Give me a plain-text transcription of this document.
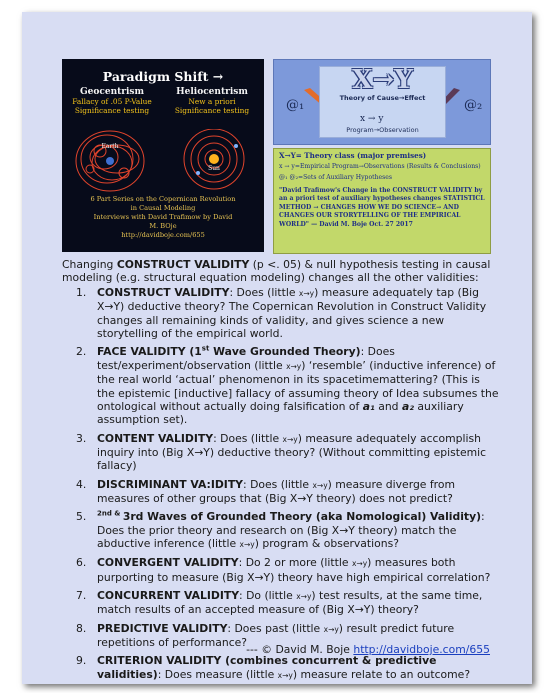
Paradigm Shift →
Geocentrism
Fallacy of .05 P-Value
Significance testing
Heliocentrism
New a priori
Significance testing
Earth
Sun
6 Part Series on the Copernican Revolution
in Causal Modeling
Interviews with David Trafimow by David
M. BOje
http://davidboje.com/655
X→Y
Theory of Cause→Effect
x → y
Program→Observation
@₁	@₂
X→Y= Theory class (major premises)
x → y=Empirical Program→Observations (Results & Conclusions)
@₁ @₂=Sets of Auxiliary Hypotheses
"David Trafimow's Change in the CONSTRUCT VALIDITY by an a priori test of auxiliary hypotheses changes STATISTICL METHOD → CHANGES HOW WE DO SCIENCE→ AND CHANGES OUR STORYTELLING OF THE EMPIRICAL WORLD" — David M. Boje Oct. 27 2017
Changing CONSTRUCT VALIDITY (p <. 05) & null hypothesis testing in causal modeling (e.g. structural equation modeling) changes all the other validities:
1. CONSTRUCT VALIDITY: Does (little x→y) measure adequately tap (Big X→Y) deductive theory? The Copernican Revolution in Construct Validity changes all remaining kinds of validity, and gives science a new storytelling of the empirical world.
2. FACE VALIDITY (1st Wave Grounded Theory): Does test/experiment/observation (little x→y) ‘resemble’ (inductive inference) of the real world ‘actual’ phenomenon in its spacetimemattering? (This is the epistemic [inductive] fallacy of assuming theory of Idea subsumes the ontological without actually doing falsification of a₁ and a₂ auxiliary assumption set).
3. CONTENT VALIDITY: Does (little x→y) measure adequately accomplish inquiry into (Big X→Y) deductive theory? (Without committing epistemic fallacy)
4. DISCRIMINANT VA:IDITY: Does (little x→y) measure diverge from measures of other groups that (Big X→Y theory) does not predict?
5. $^{2nd \&}$ 3rd Waves of Grounded Theory (aka Nomological) Validity): Does the prior theory and research on (Big X→Y theory) match the abductive inference (little x→y) program & observations?
6. CONVERGENT VALIDITY: Do 2 or more (little x→y) measures both purporting to measure (Big X→Y) theory have high empirical correlation?
7. CONCURRENT VALIDITY: Do (little x→y) test results, at the same time, match results of an accepted measure of (Big X→Y) theory?
8. PREDICTIVE VALIDITY: Does past (little x→y) result predict future repetitions of performance?
9. CRITERION VALIDITY (combines concurrent & predictive validities): Does measure (little x→y) measure relate to an outcome?
--- © David M. Boje http://davidboje.com/655
